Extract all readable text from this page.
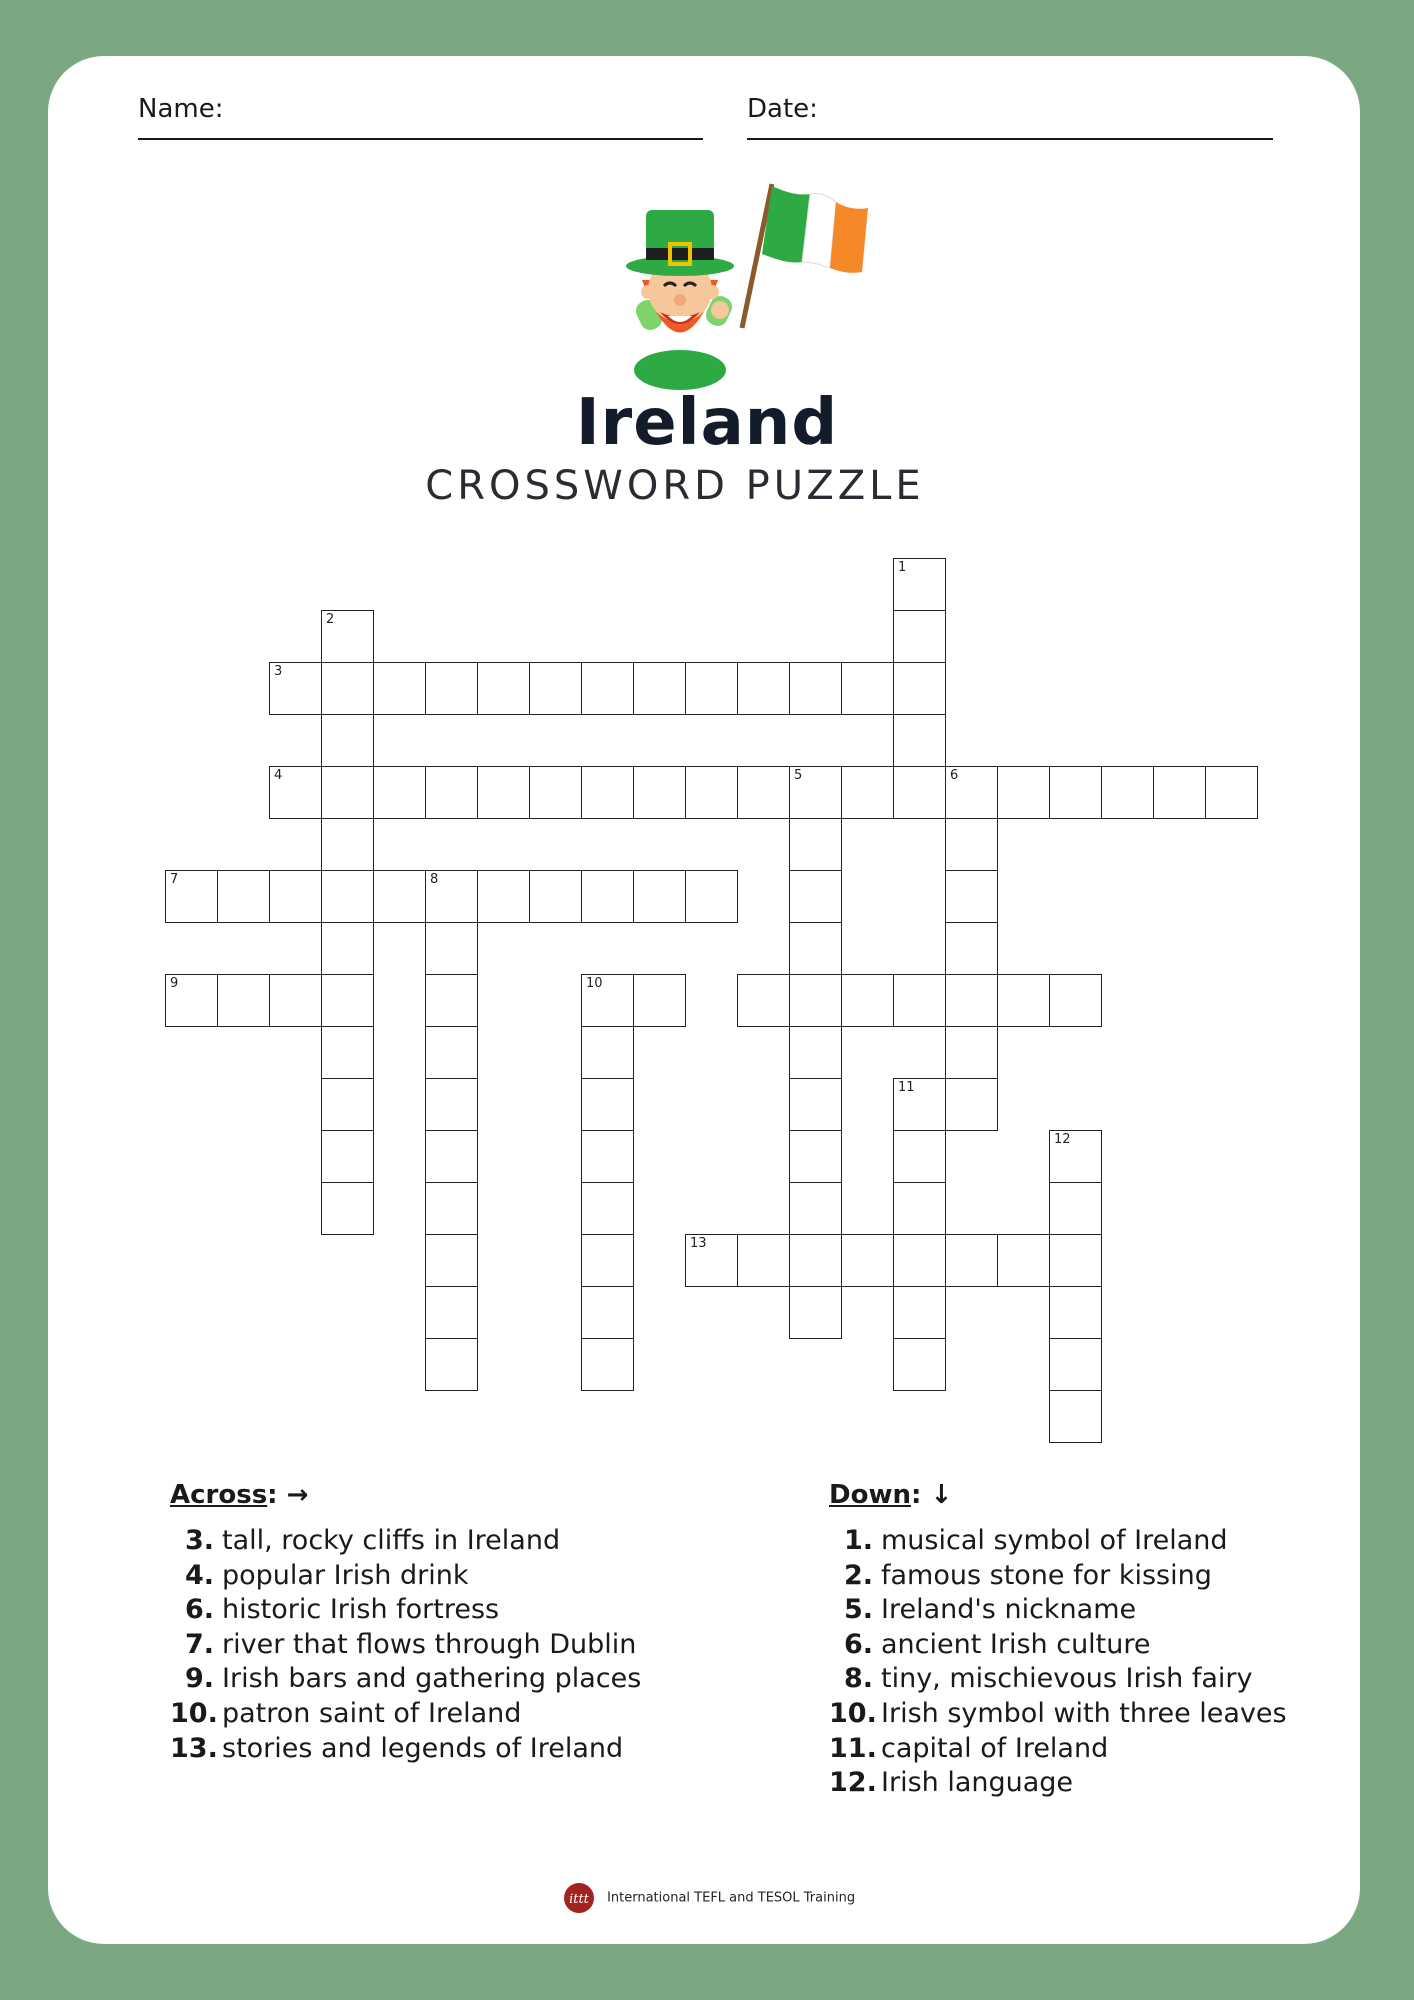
Name:	Date:
Ireland
CROSSWORD PUZZLE
3
4	5	6
7	8
9	10
13
1
2
11
12
Across: →
3. tall, rocky cliffs in Ireland
4. popular Irish drink
6. historic Irish fortress
7. river that flows through Dublin
9. Irish bars and gathering places
10. patron saint of Ireland
13. stories and legends of Ireland
Down: ↓
1. musical symbol of Ireland
2. famous stone for kissing
5. Ireland's nickname
6. ancient Irish culture
8. tiny, mischievous Irish fairy
10. Irish symbol with three leaves
11. capital of Ireland
12. Irish language
ittt International TEFL and TESOL Training
